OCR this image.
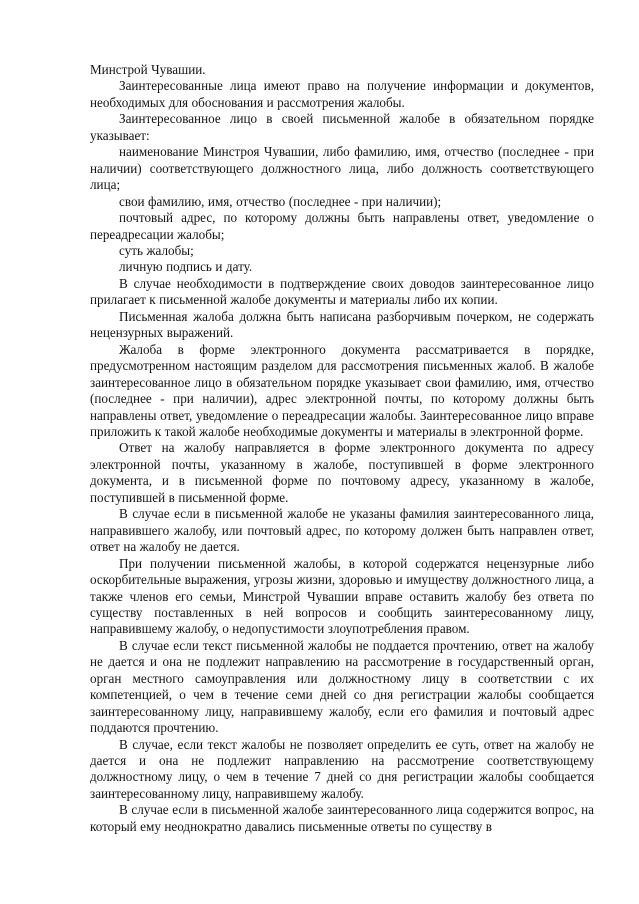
Минстрой Чувашии.

Заинтересованные лица имеют право на получение информации и документов, необходимых для обоснования и рассмотрения жалобы.

Заинтересованное лицо в своей письменной жалобе в обязательном порядке указывает:

наименование Минстроя Чувашии, либо фамилию, имя, отчество (последнее - при наличии) соответствующего должностного лица, либо должность соответствующего лица;

свои фамилию, имя, отчество (последнее - при наличии);

почтовый адрес, по которому должны быть направлены ответ, уведомление о переадресации жалобы;

суть жалобы;

личную подпись и дату.

В случае необходимости в подтверждение своих доводов заинтересованное лицо прилагает к письменной жалобе документы и материалы либо их копии.

Письменная жалоба должна быть написана разборчивым почерком, не содержать нецензурных выражений.

Жалоба в форме электронного документа рассматривается в порядке, предусмотренном настоящим разделом для рассмотрения письменных жалоб. В жалобе заинтересованное лицо в обязательном порядке указывает свои фамилию, имя, отчество (последнее - при наличии), адрес электронной почты, по которому должны быть направлены ответ, уведомление о переадресации жалобы. Заинтересованное лицо вправе приложить к такой жалобе необходимые документы и материалы в электронной форме.

Ответ на жалобу направляется в форме электронного документа по адресу электронной почты, указанному в жалобе, поступившей в форме электронного документа, и в письменной форме по почтовому адресу, указанному в жалобе, поступившей в письменной форме.

В случае если в письменной жалобе не указаны фамилия заинтересованного лица, направившего жалобу, или почтовый адрес, по которому должен быть направлен ответ, ответ на жалобу не дается.

При получении письменной жалобы, в которой содержатся нецензурные либо оскорбительные выражения, угрозы жизни, здоровью и имуществу должностного лица, а также членов его семьи, Минстрой Чувашии вправе оставить жалобу без ответа по существу поставленных в ней вопросов и сообщить заинтересованному лицу, направившему жалобу, о недопустимости злоупотребления правом.

В случае если текст письменной жалобы не поддается прочтению, ответ на жалобу не дается и она не подлежит направлению на рассмотрение в государственный орган, орган местного самоуправления или должностному лицу в соответствии с их компетенцией, о чем в течение семи дней со дня регистрации жалобы сообщается заинтересованному лицу, направившему жалобу, если его фамилия и почтовый адрес поддаются прочтению.

В случае, если текст жалобы не позволяет определить ее суть, ответ на жалобу не дается и она не подлежит направлению на рассмотрение соответствующему должностному лицу, о чем в течение 7 дней со дня регистрации жалобы сообщается заинтересованному лицу, направившему жалобу.

В случае если в письменной жалобе заинтересованного лица содержится вопрос, на который ему неоднократно давались письменные ответы по существу в
